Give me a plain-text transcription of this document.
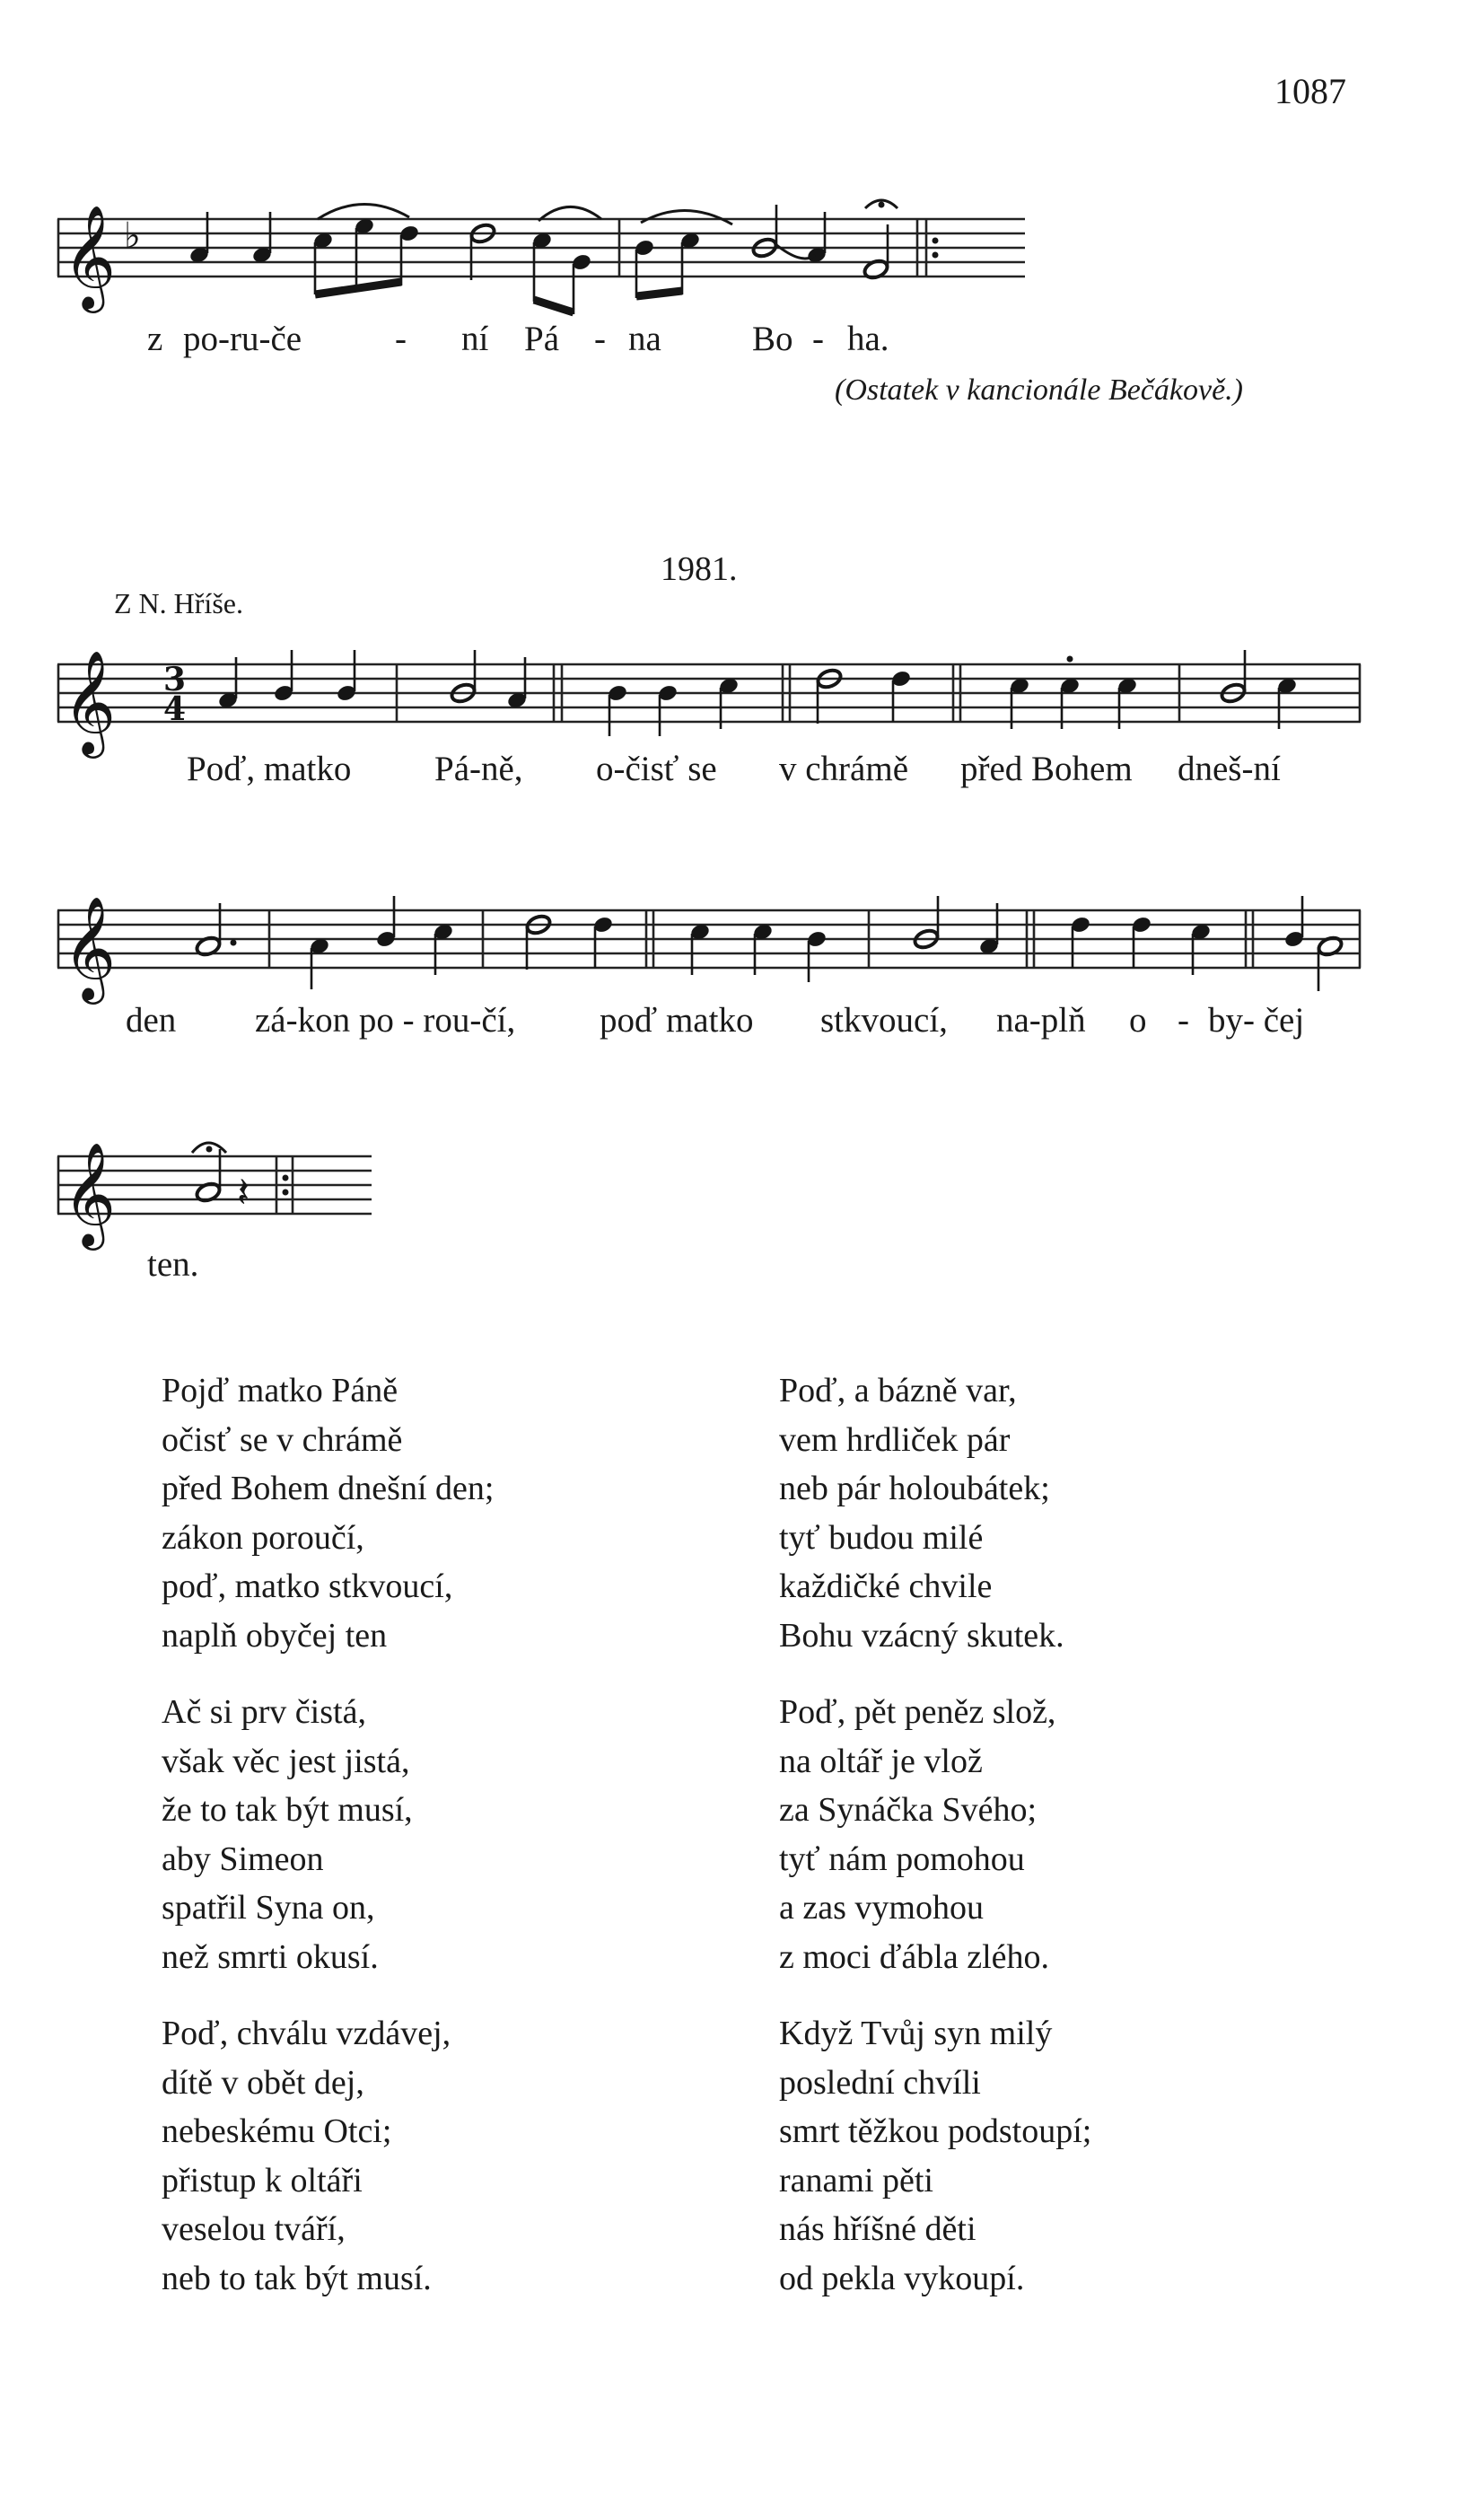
1087
𝄞 ♭
z po-ru-če	- ní Pá - na	Bo - ha.
(Ostatek v kancionále Bečákově.)
1981.
Z N. Hříše.
𝄞 3
4
Poď, matko Pá-ně, o-čisť se v chrámě před Bohem dneš-ní
𝄞
den zá-kon po - rou-čí, poď matko stkvoucí, na-plň o - by- čej
𝄞	𝄽
ten.
Pojď matko Páně
očisť se v chrámě
před Bohem dnešní den;
zákon poroučí,
poď, matko stkvoucí,
naplň obyčej ten
Ač si prv čistá,
však věc jest jistá,
že to tak být musí,
aby Simeon
spatřil Syna on,
než smrti okusí.
Poď, chválu vzdávej,
dítě v obět dej,
nebeskému Otci;
přistup k oltáři
veselou tváří,
neb to tak být musí.
Poď, a bázně var,
vem hrdliček pár
neb pár holoubátek;
tyť budou milé
každičké chvile
Bohu vzácný skutek.
Poď, pět peněz slož,
na oltář je vlož
za Synáčka Svého;
tyť nám pomohou
a zas vymohou
z moci ďábla zlého.
Když Tvůj syn milý
poslední chvíli
smrt těžkou podstoupí;
ranami pěti
nás hříšné děti
od pekla vykoupí.
